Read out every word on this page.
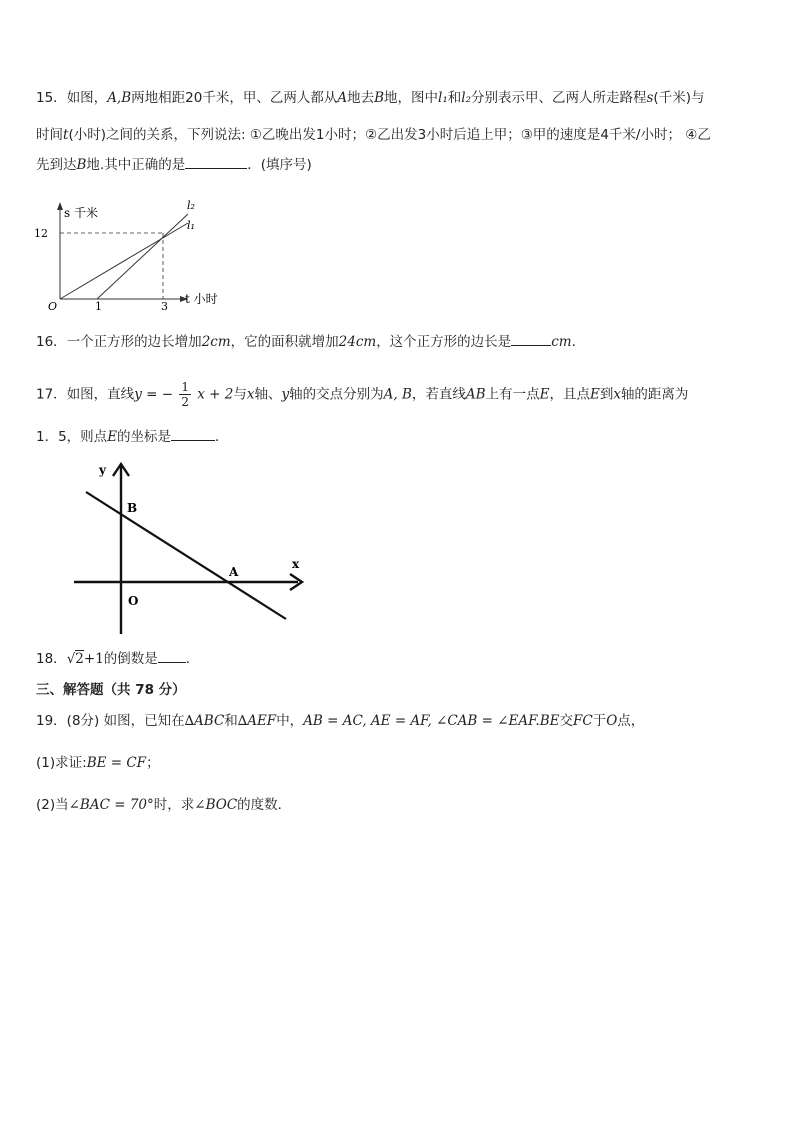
15．如图，A,B两地相距20千米，甲、乙两人都从A地去B地，图中l₁和l₂分别表示甲、乙两人所走路程s(千米)与
时间t(小时)之间的关系，下列说法: ①乙晚出发1小时；②乙出发3小时后追上甲；③甲的速度是4千米/小时； ④乙
先到达B地.其中正确的是	．(填序号)
s 千米
12
O	1	3
t 小时
l₂
l₁
16．一个正方形的边长增加2cm，它的面积就增加24cm，这个正方形的边长是	cm．
17．如图，直线y = − $\frac{1}{2}$ x + 2与x轴、y轴的交点分别为A, B，若直线AB上有一点E，且点E到x轴的距离为
1．5，则点E的坐标是	．
y
x
B
A
O
18．√2+1的倒数是 .
三、解答题（共 78 分）
19．(8分) 如图，已知在∆ABC和∆AEF中，AB = AC, AE = AF, ∠CAB = ∠EAF.BE交FC于O点，
(1)求证:BE = CF；
(2)当∠BAC = 70°时，求∠BOC的度数．
